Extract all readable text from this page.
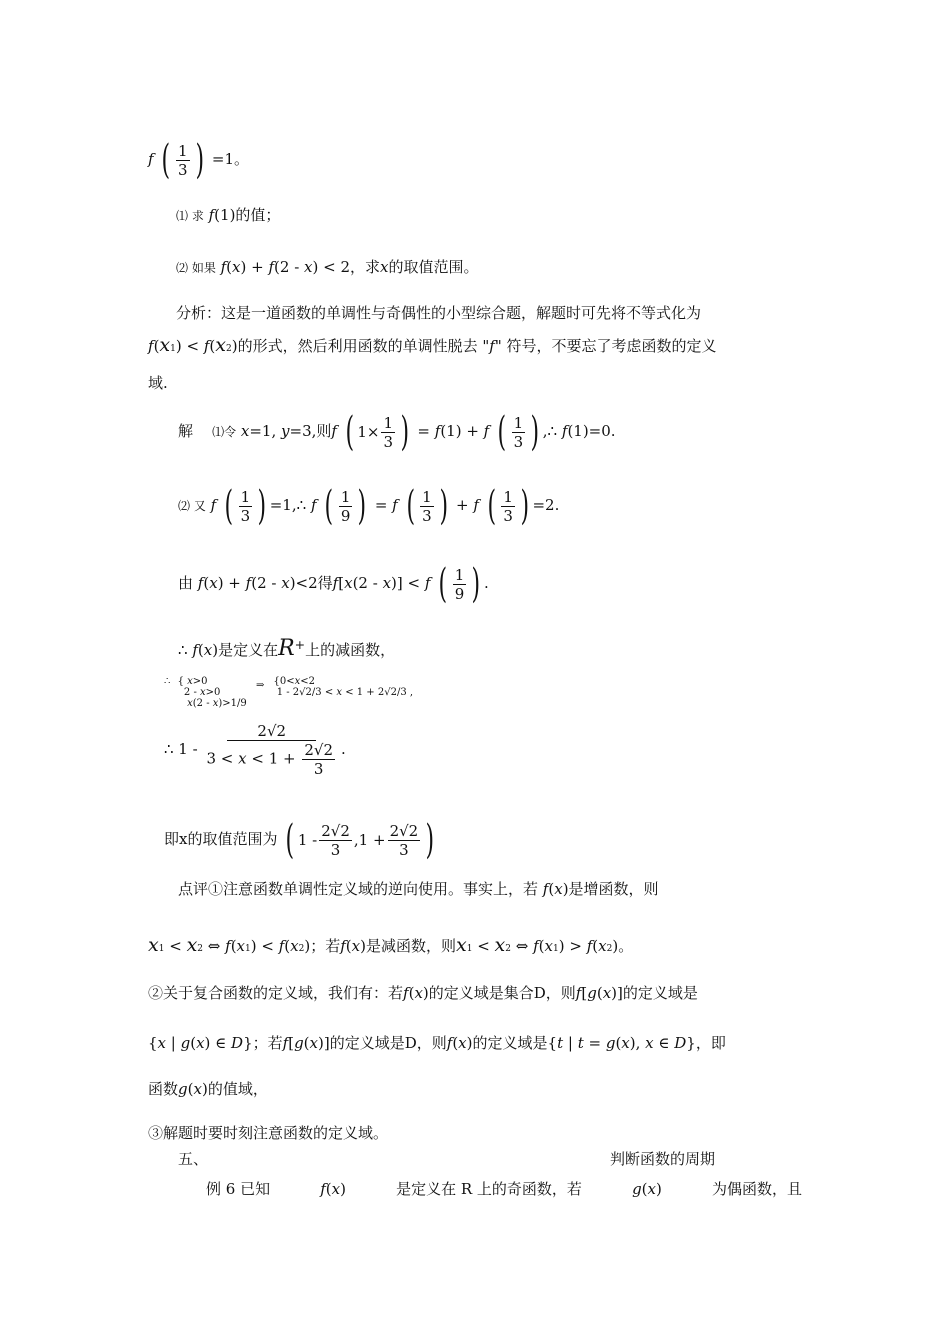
f ( 1
3 ) =1。
⑴ 求 f(1)的值；
⑵ 如果 f(x) + f(2 - x) < 2，求x的取值范围。
分析：这是一道函数的单调性与奇偶性的小型综合题，解题时可先将不等式化为
f(x1) < f(x2)的形式，然后利用函数的单调性脱去 "f" 符号，不要忘了考虑函数的定义
域.
解 ⑴令 x=1, y=3,则f ( 1×
1
3 ) = f(1) + f ( 1
3 ) ,∴ f(1)=0.
⑵ 又 f ( 1
3 ) =1,∴ f ( 1
9 ) = f ( 1
3 ) + f ( 1
3 ) =2.
由 f(x) + f(2 - x)<2得f[x(2 - x)] < f ( 1
9 ) .
∴ f(x)是定义在R+上的减函数，
∴ { x>0
2 - x>0
x(2 - x)>1/9 ⇒ {0<x<2
1 - 2√2/3 < x < 1 + 2√2/3 ,
∴ $1 - \frac{2√2}{3 < x < 1 + \frac{2√2}{3}}$ .
即x的取值范围为 ( 1 -
2√2
3
,1 +
2√2
3 )
点评①注意函数单调性定义域的逆向使用。事实上，若 f(x)是增函数，则
x1 < x2 ⇔ f(x1) < f(x2)；若f(x)是减函数，则x1 < x2 ⇔ f(x1) > f(x2)。
②关于复合函数的定义域，我们有：若f(x)的定义域是集合D，则f[g(x)]的定义域是
{x | g(x) ∈ D}；若f[g(x)]的定义域是D，则f(x)的定义域是{t | t = g(x), x ∈ D}，即
函数g(x)的值域，
③解题时要时刻注意函数的定义域。
五、	判断函数的周期
例 6 已知	f(x)	是定义在 R 上的奇函数，若	g(x)	为偶函数，且
